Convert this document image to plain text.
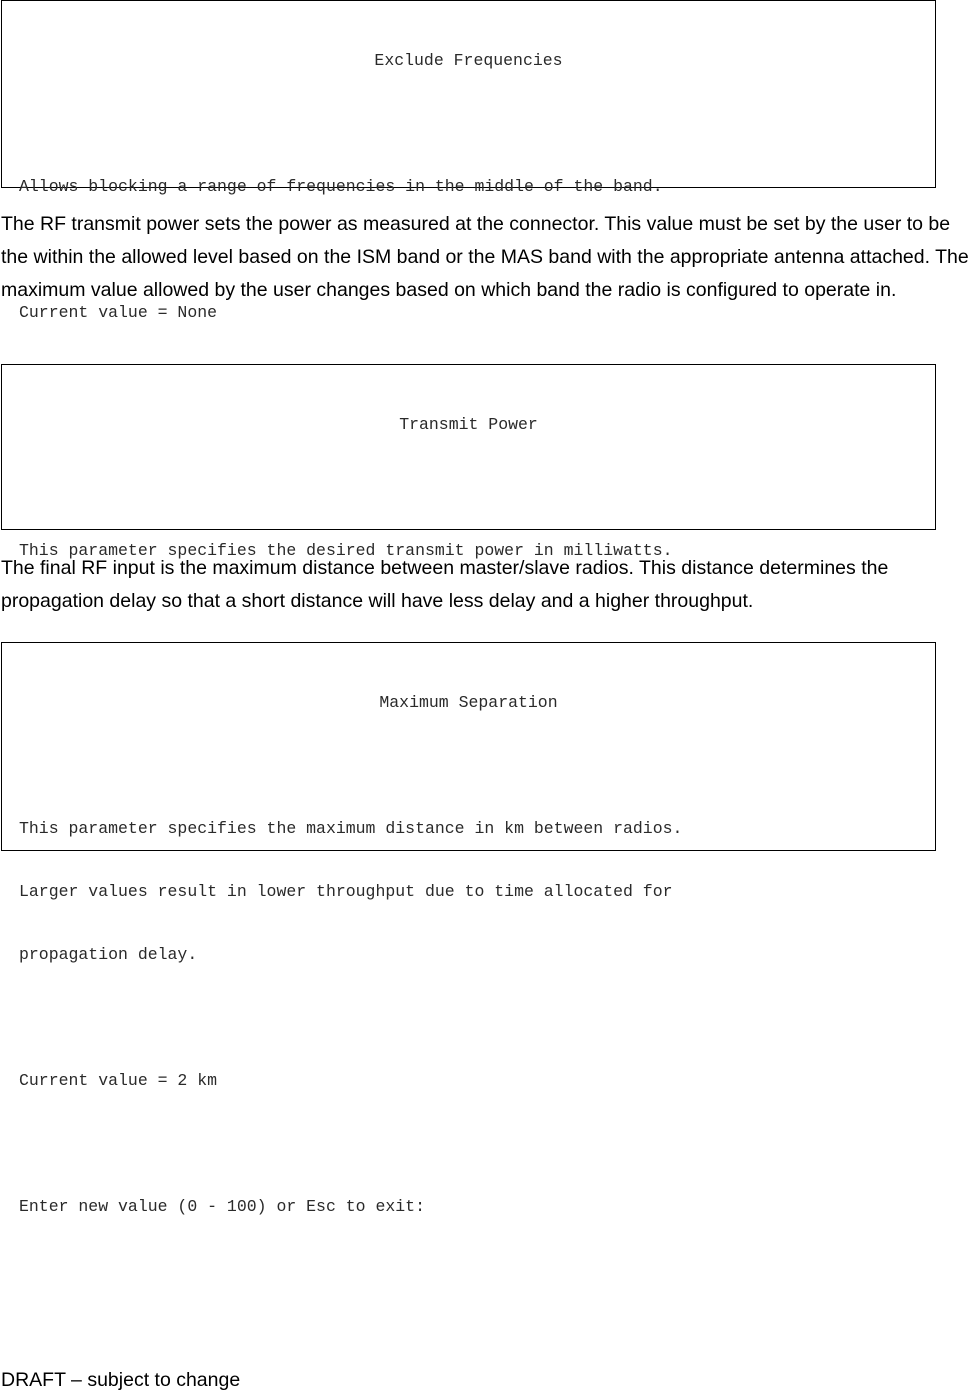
Exclude Frequencies

Allows blocking a range of frequencies in the middle of the band.

Current value = None

The RF transmit power sets the power as measured at the connector. This value must be set by the user to be the within the allowed level based on the ISM band or the MAS band with the appropriate antenna attached. The maximum value allowed by the user changes based on which band the radio is configured to operate in.

Transmit Power

This parameter specifies the desired transmit power in milliwatts.

The final RF input is the maximum distance between master/slave radios. This distance determines the propagation delay so that a short distance will have less delay and a higher throughput.

Maximum Separation

This parameter specifies the maximum distance in km between radios.

Larger values result in lower throughput due to time allocated for

propagation delay.

Current value = 2 km

Enter new value (0 - 100) or Esc to exit:

DRAFT – subject to change
